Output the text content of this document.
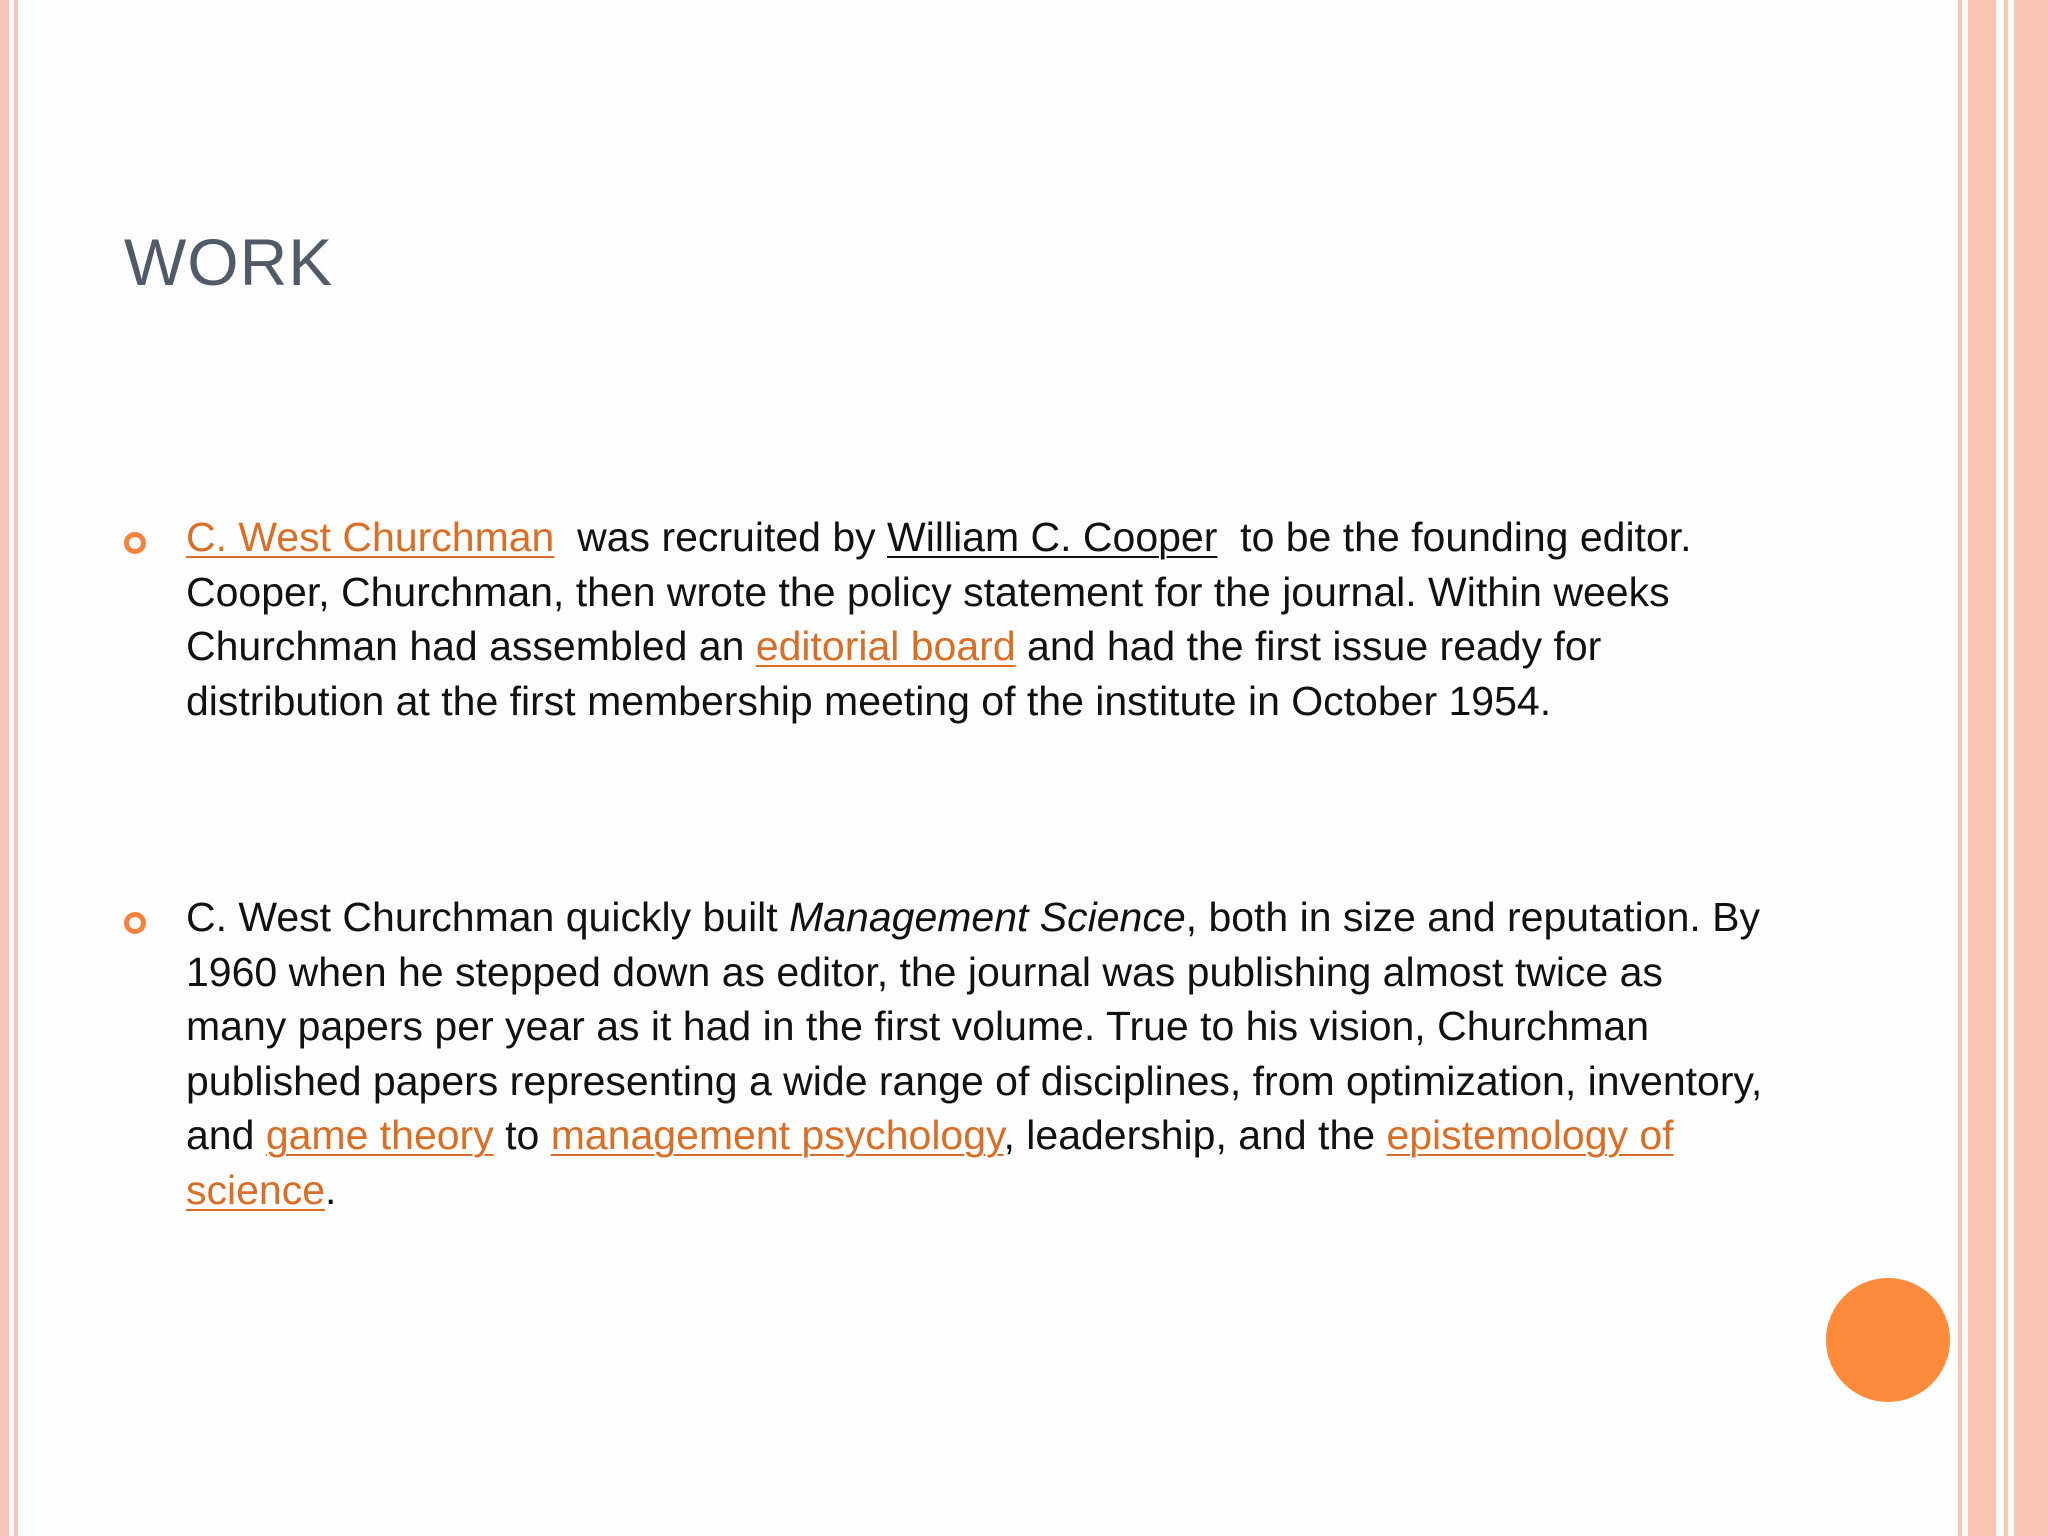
WORK
C. West Churchman  was recruited by William C. Cooper  to be the founding editor. Cooper, Churchman, then wrote the policy statement for the journal. Within weeks Churchman had assembled an editorial board and had the first issue ready for distribution at the first membership meeting of the institute in October 1954.
C. West Churchman quickly built Management Science, both in size and reputation. By 1960 when he stepped down as editor, the journal was publishing almost twice as many papers per year as it had in the first volume. True to his vision, Churchman published papers representing a wide range of disciplines, from optimization, inventory, and game theory to management psychology, leadership, and the epistemology of science.
